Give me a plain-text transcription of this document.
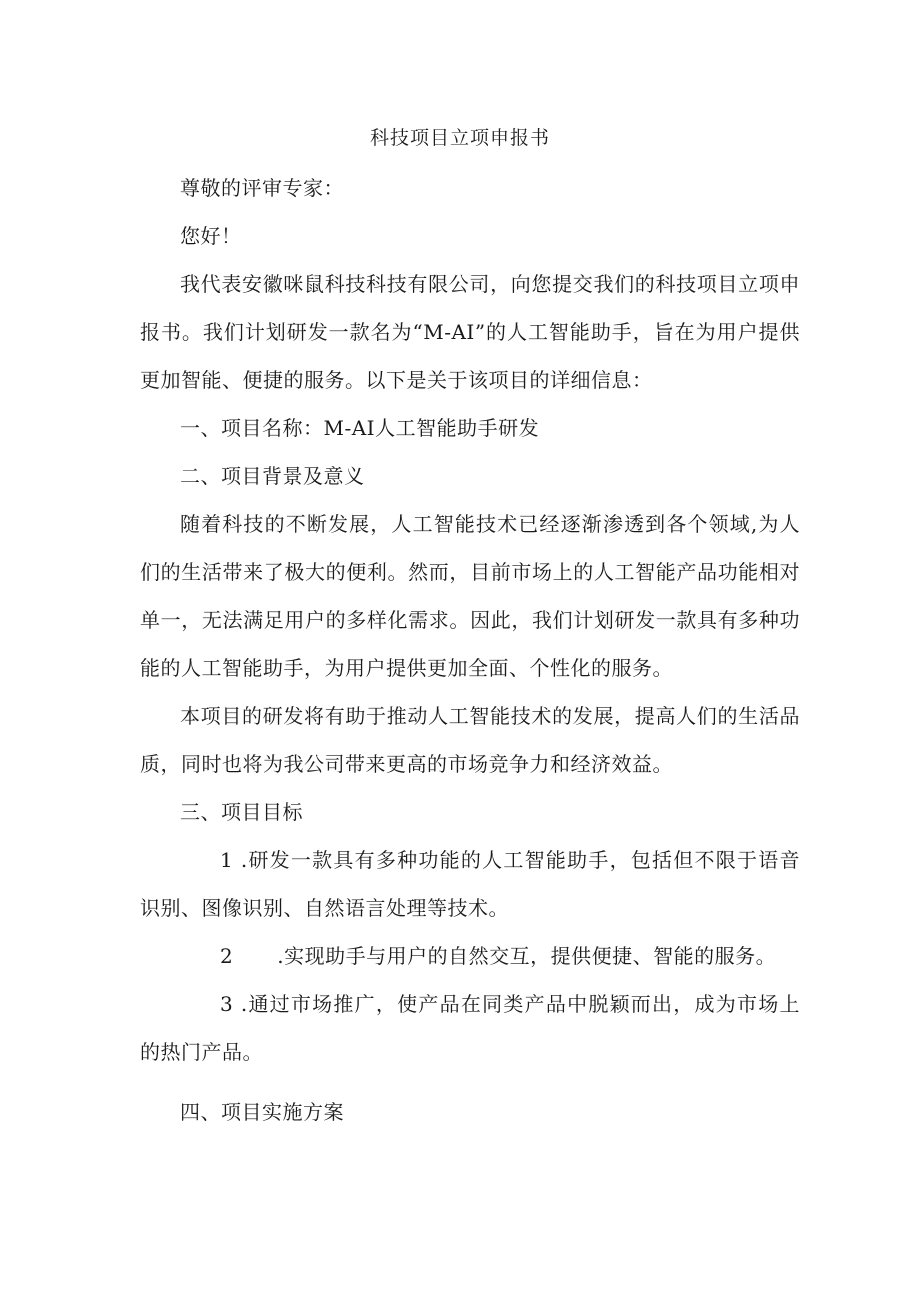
科技项目立项申报书

尊敬的评审专家：

您好！

我代表安徽咪鼠科技科技有限公司，向您提交我们的科技项目立项申报书。我们计划研发一款名为“M-AI”的人工智能助手，旨在为用户提供更加智能、便捷的服务。以下是关于该项目的详细信息：

一、项目名称：M-AI人工智能助手研发

二、项目背景及意义

随着科技的不断发展，人工智能技术已经逐渐渗透到各个领域,为人们的生活带来了极大的便利。然而，目前市场上的人工智能产品功能相对单一，无法满足用户的多样化需求。因此，我们计划研发一款具有多种功能的人工智能助手，为用户提供更加全面、个性化的服务。

本项目的研发将有助于推动人工智能技术的发展，提高人们的生活品质，同时也将为我公司带来更高的市场竞争力和经济效益。

三、项目目标

1 .研发一款具有多种功能的人工智能助手，包括但不限于语音识别、图像识别、自然语言处理等技术。

2 .实现助手与用户的自然交互，提供便捷、智能的服务。

3 .通过市场推广，使产品在同类产品中脱颖而出，成为市场上的热门产品。

四、项目实施方案
